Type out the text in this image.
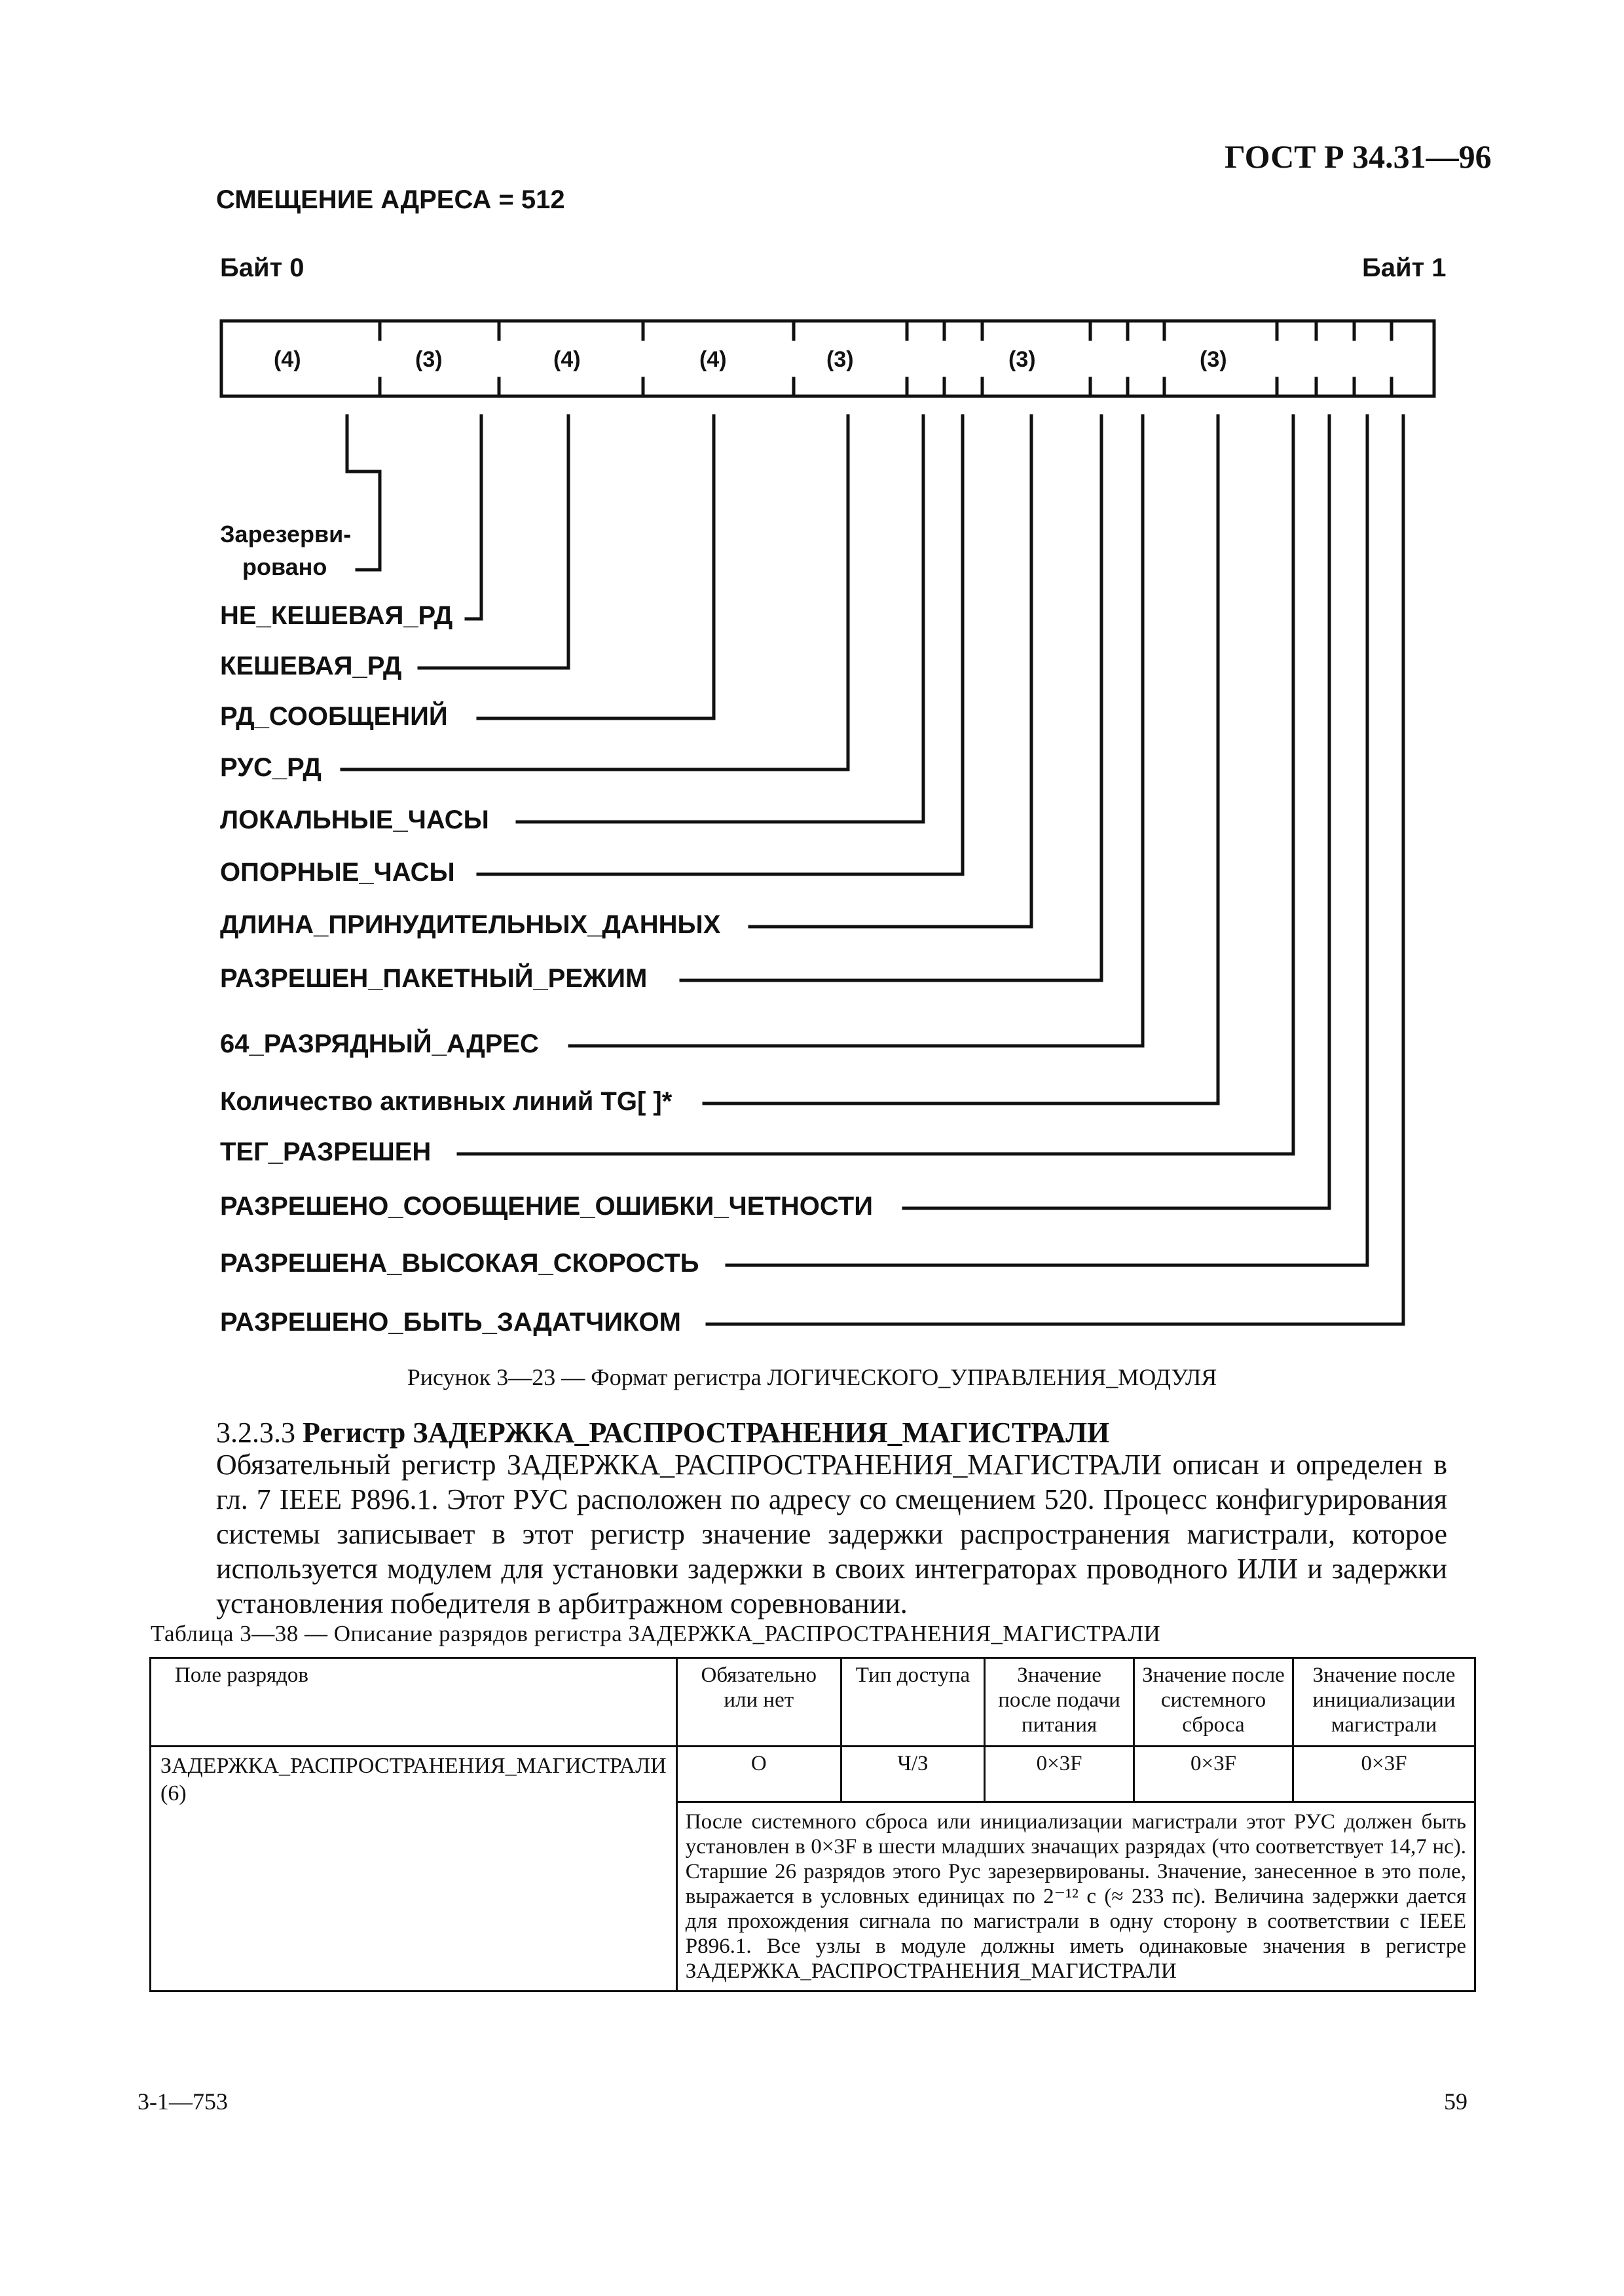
ГОСТ Р 34.31—96
СМЕЩЕНИЕ АДРЕСА = 512
Байт 0	Байт 1
(4)	(3)	(4)	(4)	(3)	(3)	(3)
Зарезерви-
ровано
НЕ_КЕШЕВАЯ_РД
КЕШЕВАЯ_РД
РД_СООБЩЕНИЙ
РУС_РД
ЛОКАЛЬНЫЕ_ЧАСЫ
ОПОРНЫЕ_ЧАСЫ
ДЛИНА_ПРИНУДИТЕЛЬНЫХ_ДАННЫХ
РАЗРЕШЕН_ПАКЕТНЫЙ_РЕЖИМ
64_РАЗРЯДНЫЙ_АДРЕС
Количество активных линий TG[ ]*
ТЕГ_РАЗРЕШЕН
РАЗРЕШЕНО_СООБЩЕНИЕ_ОШИБКИ_ЧЕТНОСТИ
РАЗРЕШЕНА_ВЫСОКАЯ_СКОРОСТЬ
РАЗРЕШЕНО_БЫТЬ_ЗАДАТЧИКОМ
Рисунок 3—23 — Формат регистра ЛОГИЧЕСКОГО_УПРАВЛЕНИЯ_МОДУЛЯ
3.2.3.3 Регистр ЗАДЕРЖКА_РАСПРОСТРАНЕНИЯ_МАГИСТРАЛИ
Обязательный регистр ЗАДЕРЖКА_РАСПРОСТРАНЕНИЯ_МАГИСТРАЛИ описан и определен в гл. 7 IEEE P896.1. Этот РУС расположен по адресу со смещением 520. Процесс конфигурирования системы записывает в этот регистр значение задержки распространения магистрали, которое используется модулем для установки задержки в своих интеграторах проводного ИЛИ и задержки установления победителя в арбитражном соревновании.
Таблица 3—38 — Описание разрядов регистра ЗАДЕРЖКА_РАСПРОСТРАНЕНИЯ_МАГИСТРАЛИ
Поле разрядов	Обязательно или нет	Тип доступа	Значение после подачи питания	Значение после системного сброса	Значение после инициализации магистрали
ЗАДЕРЖКА_РАСПРОСТРАНЕНИЯ_МАГИСТРАЛИ (6)	О	Ч/З	0×3F	0×3F	0×3F
	После системного сброса или инициализации магистрали этот РУС должен быть установлен в 0×3F в шести младших значащих разрядах (что соответствует 14,7 нс). Старшие 26 разрядов этого Рус зарезервированы. Значение, занесенное в это поле, выражается в условных единицах по 2⁻¹² с (≈ 233 пс). Величина задержки дается для прохождения сигнала по магистрали в одну сторону в соответствии с IEEE P896.1. Все узлы в модуле должны иметь одинаковые значения в регистре ЗАДЕРЖКА_РАСПРОСТРАНЕНИЯ_МАГИСТРАЛИ				
3-1—753	59
